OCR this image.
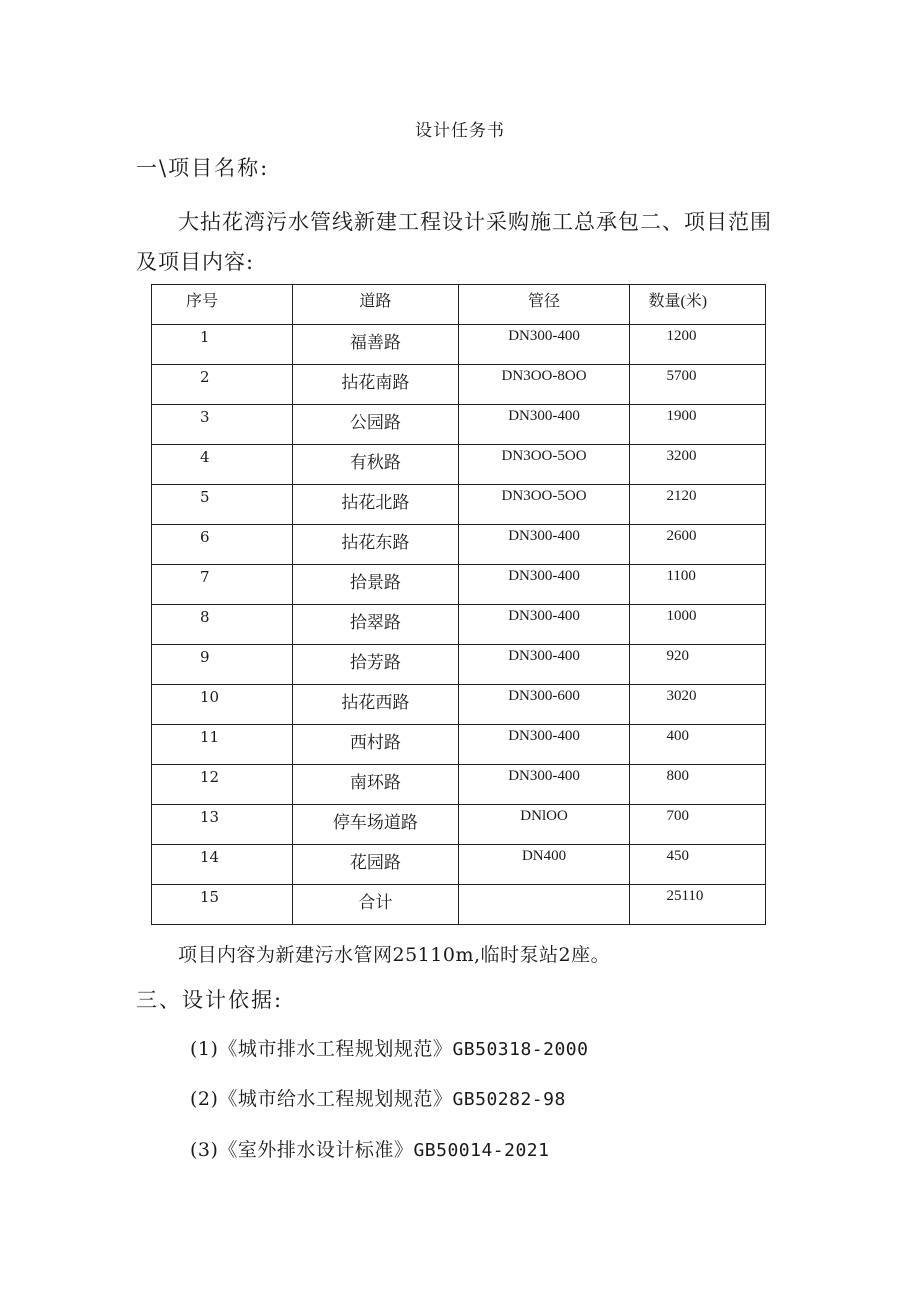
设计任务书
一\项目名称:
大拈花湾污水管线新建工程设计采购施工总承包二、项目范围及项目内容:
序号	道路	管径	数量(米)
1	福善路	DN300-400	1200
2	拈花南路	DN3OO-8OO	5700
3	公园路	DN300-400	1900
4	有秋路	DN3OO-5OO	3200
5	拈花北路	DN3OO-5OO	2120
6	拈花东路	DN300-400	2600
7	拾景路	DN300-400	1100
8	拾翠路	DN300-400	1000
9	拾芳路	DN300-400	920
10	拈花西路	DN300-600	3020
11	西村路	DN300-400	400
12	南环路	DN300-400	800
13	停车场道路	DNlOO	700
14	花园路	DN400	450
15	合计		25110
项目内容为新建污水管网25110m,临时泵站2座。
三、设计依据:
(1)《城市排水工程规划规范》GB50318-2000
(2)《城市给水工程规划规范》GB50282-98
(3)《室外排水设计标准》GB50014-2021
